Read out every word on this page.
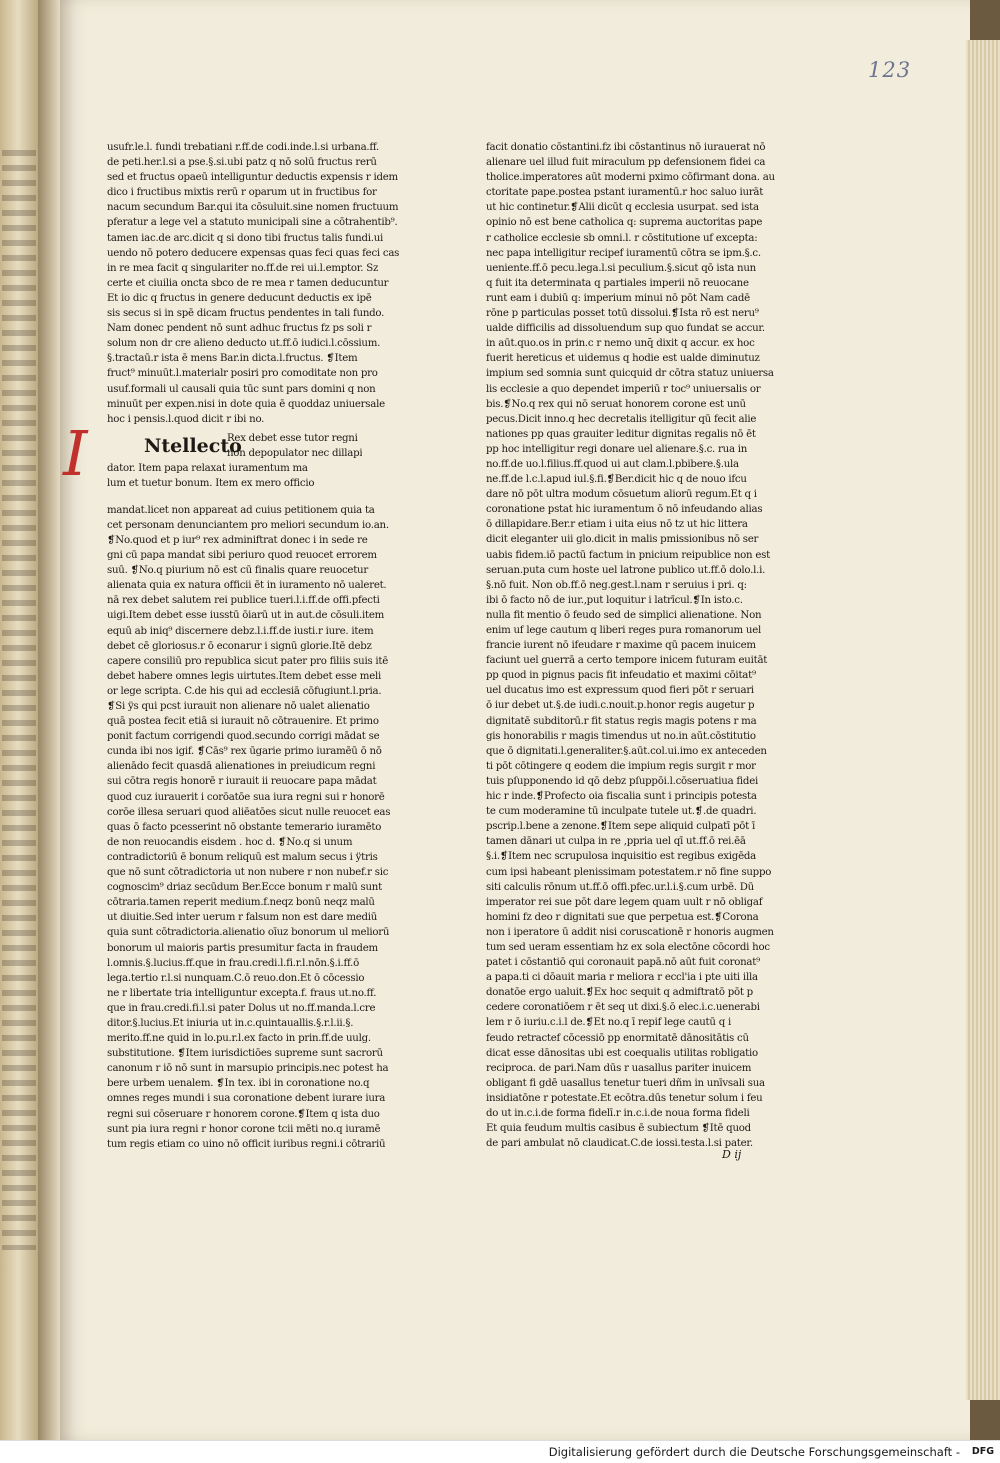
123
usufr.le.l. fundi trebatiani r.ff.de codi.inde.l.si urbana.ff.
de peti.her.l.si a pse.§.si.ubi patz q nō solū fructus rerū
sed et fructus opaeū intelliguntur deductis expensis r idem
dico i fructibus mixtis rerū r oparum ut in fructibus for
nacum secundum Bar.qui ita cōsuluit.sine nomen fructuum
pferatur a lege vel a statuto municipali sine a cōtrahentib⁹.
tamen iac.de arc.dicit q si dono tibi fructus talis fundi.ui
uendo nō potero deducere expensas quas feci quas feci cas
in re mea facit q singulariter no.ff.de rei ui.l.emptor. Sz
certe et ciuilia oncta sbco de re mea r tamen deducuntur
Et io dic q fructus in genere deducunt deductis ex ipē
sis secus si in spē dicam fructus pendentes in tali fundo.
Nam donec pendent nō sunt adhuc fructus fz ps soli r
solum non dr cre alieno deducto ut.ff.ō iudici.l.cōssium.
§.tractaū.r ista ē mens Bar.in dicta.l.fructus. ❡Item
fruct⁹ minuūt.l.materialr posiri pro comoditate non pro
usuf.formali ul causali quia tūc sunt pars domini q non
minuūt per expen.nisi in dote quia ē quoddaz uniuersale
hoc i pensis.l.quod dicit r ibi no.
I	Ntellecto
Rex debet esse tutor regni
non depopulator nec dillapi
dator. Item papa relaxat iuramentum ma
lum et tuetur bonum. Item ex mero officio
mandat.licet non appareat ad cuius petitionem quia ta
cet personam denunciantem pro meliori secundum io.an.
❡No.quod et p iur⁹ rex adminiftrat donec i in sede re
gni cū papa mandat sibi periuro quod reuocet errorem
suū. ❡No.q piurium nō est cū finalis quare reuocetur
alienata quia ex natura officii ēt in iuramento nō ualeret.
nā rex debet salutem rei publice tueri.l.i.ff.de offi.pfecti
uigi.Item debet esse iusstū ōiarū ut in aut.de cōsuli.item
equū ab iniq⁹ discernere debz.l.i.ff.de iusti.r iure. item
debet cē gloriosus.r ō econarur i signū glorie.Itē debz
capere consiliū pro republica sicut pater pro filiis suis itē
debet habere omnes legis uirtutes.Item debet esse meli
or lege scripta. C.de his qui ad ecclesiā cōfugiunt.l.pria.
❡Si ÿs qui pcst iurauit non alienare nō ualet alienatio
quā postea fecit etiā si iurauit nō cōtrauenire. Et primo
ponit factum corrigendi quod.secundo corrigi mādat se
cunda ibi nos igif. ❡Cās⁹ rex ūgarie primo iuramēū ō nō
alienādo fecit quasdā alienationes in preiudicum regni
sui cōtra regis honorē r iurauit ii reuocare papa mādat
quod cuz iurauerit i corōatōe sua iura regni sui r honorē
corōe illesa seruari quod aliēatōes sicut nulle reuocet eas
quas ō facto pcesserint nō obstante temerario iuramēto
de non reuocandis eisdem . hoc d. ❡No.q si unum
contradictoriū ē bonum reliquū est malum secus i ÿtris
que nō sunt cōtradictoria ut non nubere r non nubef.r sic
cognoscim⁹ driaz secūdum Ber.Ecce bonum r malū sunt
cōtraria.tamen reperit medium.f.neqz bonū neqz malū
ut diuitie.Sed inter uerum r falsum non est dare mediū
quia sunt cōtradictoria.alienatio oīuz bonorum ul meliorū
bonorum ul maioris partis presumitur facta in fraudem
l.omnis.§.lucius.ff.que in frau.credi.l.fi.r.l.nōn.§.i.ff.ō
lega.tertio r.l.si nunquam.C.ō reuo.don.Et ō cōcessio
ne r libertate tria intelliguntur excepta.f. fraus ut.no.ff.
que in frau.credi.fi.l.si pater Dolus ut no.ff.manda.l.cre
ditor.§.lucius.Et iniuria ut in.c.quintauallis.§.r.l.ii.§.
merito.ff.ne quid in lo.pu.r.l.ex facto in prin.ff.de uulg.
substitutione. ❡Item iurisdictiōes supreme sunt sacrorū
canonum r iō nō sunt in marsupio principis.nec potest ha
bere urbem uenalem. ❡In tex. ibi in coronatione no.q
omnes reges mundi i sua coronatione debent iurare iura
regni sui cōseruare r honorem corone.❡Item q ista duo
sunt pia iura regni r honor corone tcii mēti no.q iuramē
tum regis etiam co uino nō officit iuribus regni.i cōtrariū
facit donatio cōstantini.fz ibi cōstantinus nō iurauerat nō
alienare uel illud fuit miraculum pp defensionem fidei ca
tholice.imperatores aūt moderni pximo cōfirmant dona. au
ctoritate pape.postea pstant iuramentū.r hoc saluo iurāt
ut hic continetur.❡Alii dicūt q ecclesia usurpat. sed ista
opinio nō est bene catholica q: suprema auctoritas pape
r catholice ecclesie sb omni.l. r cōstitutione uf excepta:
nec papa intelligitur recipef iuramentū cōtra se ipm.§.c.
ueniente.ff.ō pecu.lega.l.si peculium.§.sicut qō ista nun
q fuit ita determinata q partiales imperii nō reuocane
runt eam i dubiū q: imperium minui nō pōt Nam cadē
rōne p particulas posset totū dissolui.❡Ista rō est neru⁹
ualde difficilis ad dissoluendum sup quo fundat se accur.
in aūt.quo.os in prin.c r nemo unq̄ dixit q accur. ex hoc
fuerit hereticus et uidemus q hodie est ualde diminutuz
impium sed somnia sunt quicquid dr cōtra statuz uniuersa
lis ecclesie a quo dependet imperiū r toc⁹ uniuersalis or
bis.❡No.q rex qui nō seruat honorem corone est unū
pecus.Dicit inno.q hec decretalis itelligitur qū fecit alie
nationes pp quas grauiter leditur dignitas regalis nō ēt
pp hoc intelligitur regi donare uel alienare.§.c. rua in
no.ff.de uo.l.filius.ff.quod ui aut clam.l.pbibere.§.ula
ne.ff.de l.c.l.apud iul.§.fi.❡Ber.dicit hic q de nouo ifcu
dare nō pōt ultra modum cōsuetum aliorū regum.Et q i
coronatione pstat hic iuramentum ō nō infeudando alias
ō dillapidare.Ber.r etiam i uita eius nō tz ut hic littera
dicit eleganter uii glo.dicit in malis pmissionibus nō ser
uabis fidem.iō pactū factum in pnicium reipublice non est
seruan.puta cum hoste uel latrone publico ut.ff.ō dolo.l.i.
§.nō fuit. Non ob.ff.ō neg.gest.l.nam r seruius i pri. q:
ibi ō facto nō de iur.,put loquitur i latrīcul.❡In isto.c.
nulla fit mentio ō feudo sed de simplici alienatione. Non
enim uf lege cautum q liberi reges pura romanorum uel
francie iurent nō ifeudare r maxime qū pacem inuicem
faciunt uel guerrā a certo tempore inicem futuram euitāt
pp quod in pignus pacis fit infeudatio et maximi cōitat⁹
uel ducatus imo est expressum quod fieri pōt r seruari
ō iur debet ut.§.de iudi.c.nouit.p.honor regis augetur p
dignitatē subditorū.r fit status regis magis potens r ma
gis honorabilis r magis timendus ut no.in aūt.cōstitutio
que ō dignitati.l.generaliter.§.aūt.col.ui.imo ex anteceden
ti pōt cōtingere q eodem die impium regis surgit r mor
tuis pſupponendo id qō debz pſuppōi.l.cōseruatiua fidei
hic r inde.❡Profecto oia fiscalia sunt i principis potesta
te cum moderamine tū inculpate tutele ut.❡.de quadri.
pscrip.l.bene a zenone.❡Item sepe aliquid culpatī pōt ī
tamen dānari ut culpa in re ,ppria uel qī ut.ff.ō rei.ēā
§.i.❡Item nec scrupulosa inquisitio est regibus exigēda
cum ipsi habeant plenissimam potestatem.r nō fine suppo
siti calculis rōnum ut.ff.ō offi.pfec.ur.l.i.§.cum urbē. Dū
imperator rei sue pōt dare legem quam uult r nō obligaf
homini fz deo r dignitati sue que perpetua est.❡Corona
non i iperatore ū addit nisi coruscationē r honoris augmen
tum sed ueram essentiam hz ex sola electōne cōcordi hoc
patet i cōstantiō qui coronauit papā.nō aūt fuit coronat⁹
a papa.ti ci dōauit maria r meliora r eccl'ia i pte uiti illa
donatōe ergo ualuit.❡Ex hoc sequit q admiftratō pōt p
cedere coronatiōem r ēt seq ut dixi.§.ō elec.i.c.uenerabi
lem r ō iuriu.c.i.l de.❡Et no.q ī repif lege cautū q i
feudo retractef cōcessiō pp enormitatē dānositātis cū
dicat esse dānositas ubi est coequalis utilitas robligatio
reciproca. de pari.Nam dūs r uasallus pariter inuicem
obligant fi gdē uasallus tenetur tueri dñm in unīvsali sua
insidiatōne r potestate.Et ecōtra.dūs tenetur solum i feu
do ut in.c.i.de forma fidelī.r in.c.i.de noua forma fideli
Et quia feudum multis casibus ē subiectum ❡Itē quod
de pari ambulat nō claudicat.C.de iossi.testa.l.si pater.
D ij
Digitalisierung gefördert durch die Deutsche Forschungsgemeinschaft -	DFG
